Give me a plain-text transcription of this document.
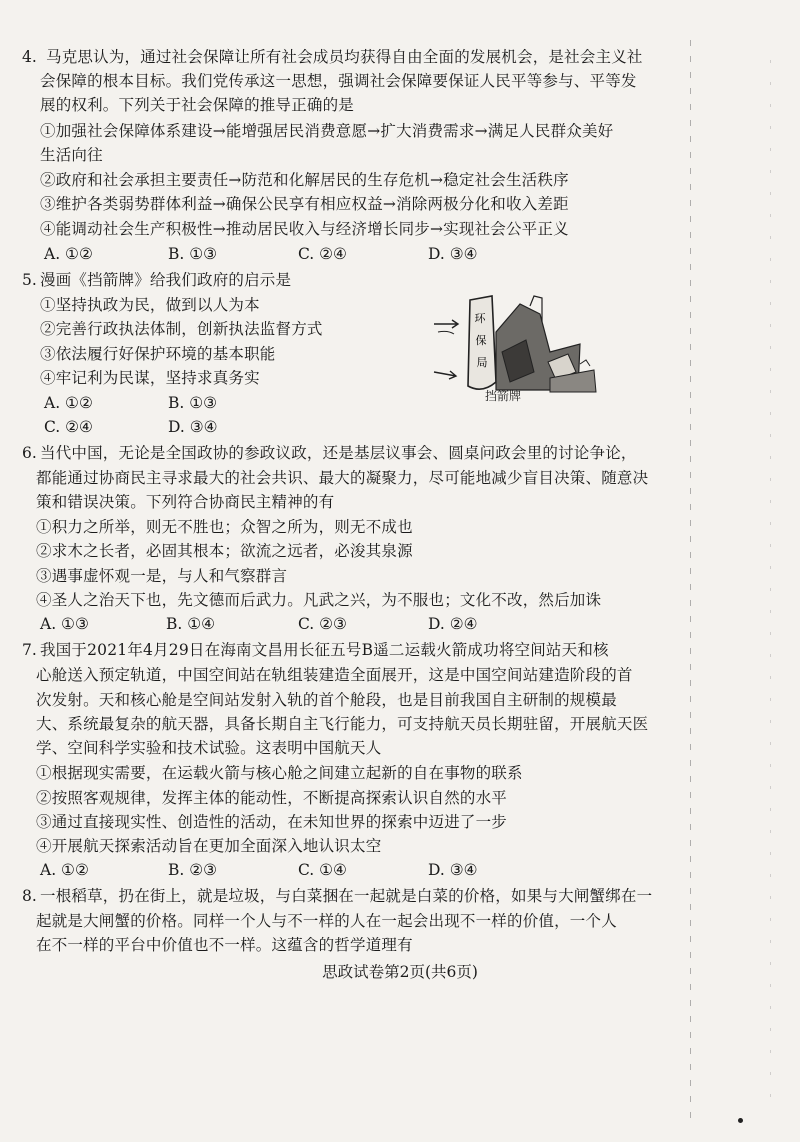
4. 马克思认为，通过社会保障让所有社会成员均获得自由全面的发展机会，是社会主义社
会保障的根本目标。我们党传承这一思想，强调社会保障要保证人民平等参与、平等发
展的权利。下列关于社会保障的推导正确的是
①加强社会保障体系建设→能增强居民消费意愿→扩大消费需求→满足人民群众美好
生活向往
②政府和社会承担主要责任→防范和化解居民的生存危机→稳定社会生活秩序
③维护各类弱势群体利益→确保公民享有相应权益→消除两极分化和收入差距
④能调动社会生产积极性→推动居民收入与经济增长同步→实现社会公平正义
A. ①②	B. ①③	C. ②④	D. ③④
5. 漫画《挡箭牌》给我们政府的启示是
①坚持执政为民，做到以人为本
②完善行政执法体制，创新执法监督方式
③依法履行好保护环境的基本职能
④牢记利为民谋，坚持求真务实
A. ①②	B. ①③
C. ②④	D. ③④
环
保
局
挡箭牌
6. 当代中国，无论是全国政协的参政议政，还是基层议事会、圆桌问政会里的讨论争论，
都能通过协商民主寻求最大的社会共识、最大的凝聚力，尽可能地减少盲目决策、随意决
策和错误决策。下列符合协商民主精神的有
①积力之所举，则无不胜也；众智之所为，则无不成也
②求木之长者，必固其根本；欲流之远者，必浚其泉源
③遇事虚怀观一是，与人和气察群言
④圣人之治天下也，先文德而后武力。凡武之兴，为不服也；文化不改，然后加诛
A. ①③	B. ①④	C. ②③	D. ②④
7. 我国于2021年4月29日在海南文昌用长征五号B遥二运载火箭成功将空间站天和核
心舱送入预定轨道，中国空间站在轨组装建造全面展开，这是中国空间站建造阶段的首
次发射。天和核心舱是空间站发射入轨的首个舱段，也是目前我国自主研制的规模最
大、系统最复杂的航天器，具备长期自主飞行能力，可支持航天员长期驻留，开展航天医
学、空间科学实验和技术试验。这表明中国航天人
①根据现实需要，在运载火箭与核心舱之间建立起新的自在事物的联系
②按照客观规律，发挥主体的能动性，不断提高探索认识自然的水平
③通过直接现实性、创造性的活动，在未知世界的探索中迈进了一步
④开展航天探索活动旨在更加全面深入地认识太空
A. ①②	B. ②③	C. ①④	D. ③④
8. 一根稻草，扔在街上，就是垃圾，与白菜捆在一起就是白菜的价格，如果与大闸蟹绑在一
起就是大闸蟹的价格。同样一个人与不一样的人在一起会出现不一样的价值，一个人
在不一样的平台中价值也不一样。这蕴含的哲学道理有
思政试卷第2页(共6页)
